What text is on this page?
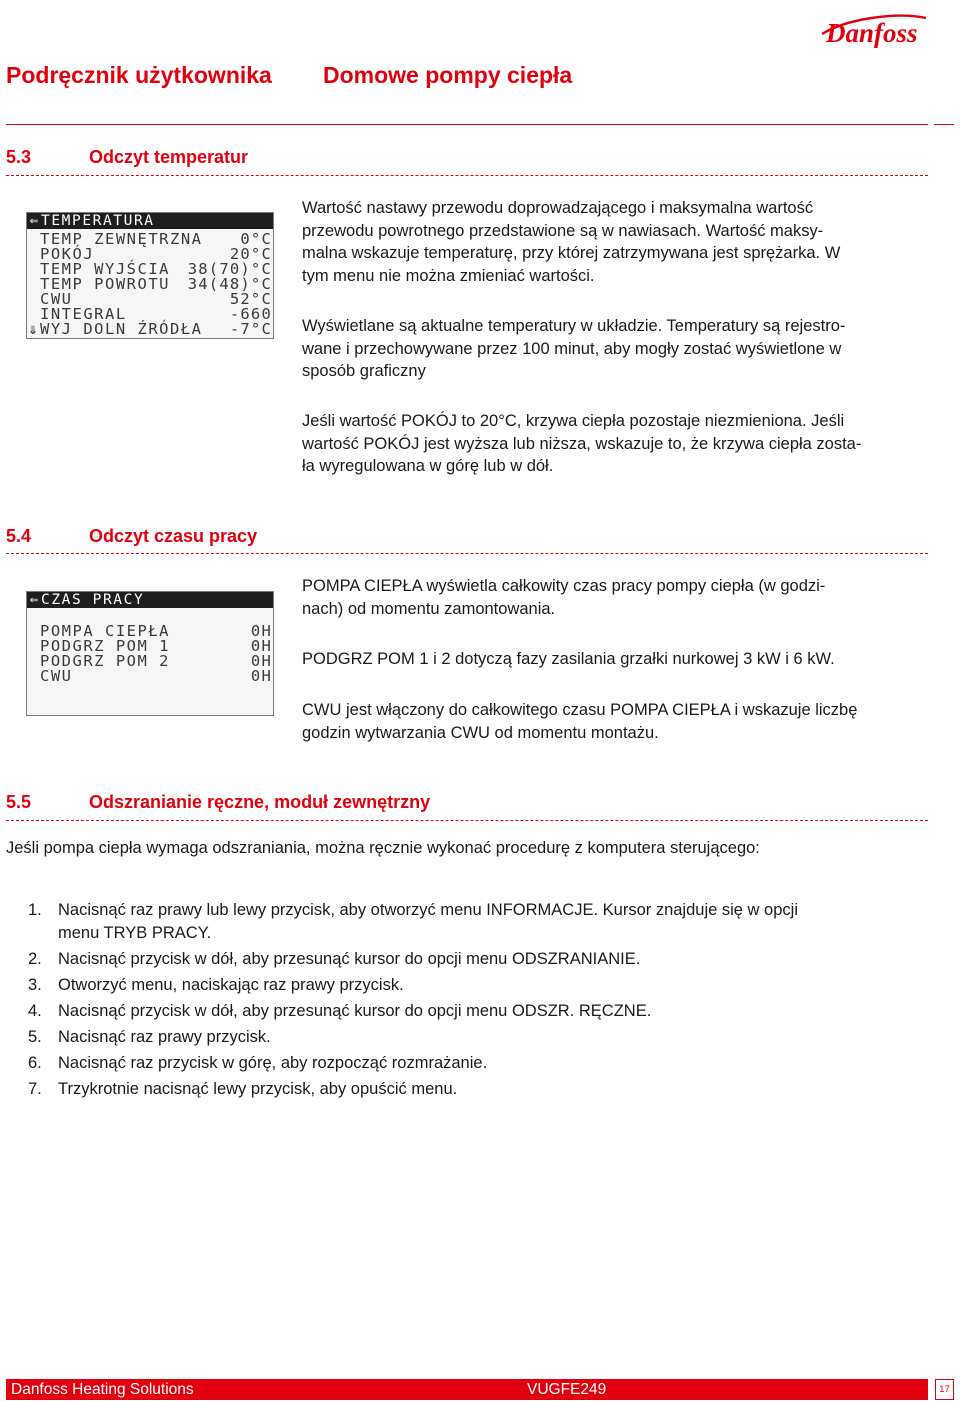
Danfoss
Podręcznik użytkownika Domowe pompy ciepła
5.3	Odczyt temperatur
⇐ TEMPERATURA
TEMP ZEWNĘTRZNA 0°C
POKÓJ	20°C
TEMP WYJŚCIA 38(70)°C
TEMP POWROTU 34(48)°C
CWU	52°C
INTEGRAL	-660
⇓ WYJ DOLN ŹRÓDŁA -7°C
Wartość nastawy przewodu doprowadzającego i maksymalna wartość
przewodu powrotnego przedstawione są w nawiasach. Wartość maksy-
malna wskazuje temperaturę, przy której zatrzymywana jest sprężarka. W
tym menu nie można zmieniać wartości.
Wyświetlane są aktualne temperatury w układzie. Temperatury są rejestro-
wane i przechowywane przez 100 minut, aby mogły zostać wyświetlone w
sposób graficzny
Jeśli wartość POKÓJ to 20°C, krzywa ciepła pozostaje niezmieniona. Jeśli
wartość POKÓJ jest wyższa lub niższa, wskazuje to, że krzywa ciepła zosta-
ła wyregulowana w górę lub w dół.
5.4	Odczyt czasu pracy
⇐ CZAS PRACY
POMPA CIEPŁA	0H
PODGRZ POM 1	0H
PODGRZ POM 2	0H
CWU	0H
POMPA CIEPŁA wyświetla całkowity czas pracy pompy ciepła (w godzi-
nach) od momentu zamontowania.
PODGRZ POM 1 i 2 dotyczą fazy zasilania grzałki nurkowej 3 kW i 6 kW.
CWU jest włączony do całkowitego czasu POMPA CIEPŁA i wskazuje liczbę
godzin wytwarzania CWU od momentu montażu.
5.5	Odszranianie ręczne, moduł zewnętrzny
Jeśli pompa ciepła wymaga odszraniania, można ręcznie wykonać procedurę z komputera sterującego:
1. Nacisnąć raz prawy lub lewy przycisk, aby otworzyć menu INFORMACJE. Kursor znajduje się w opcji
menu TRYB PRACY.
2. Nacisnąć przycisk w dół, aby przesunąć kursor do opcji menu ODSZRANIANIE.
3. Otworzyć menu, naciskając raz prawy przycisk.
4. Nacisnąć przycisk w dół, aby przesunąć kursor do opcji menu ODSZR. RĘCZNE.
5. Nacisnąć raz prawy przycisk.
6. Nacisnąć raz przycisk w górę, aby rozpocząć rozmrażanie.
7. Trzykrotnie nacisnąć lewy przycisk, aby opuścić menu.
Danfoss Heating Solutions	VUGFE249	17
